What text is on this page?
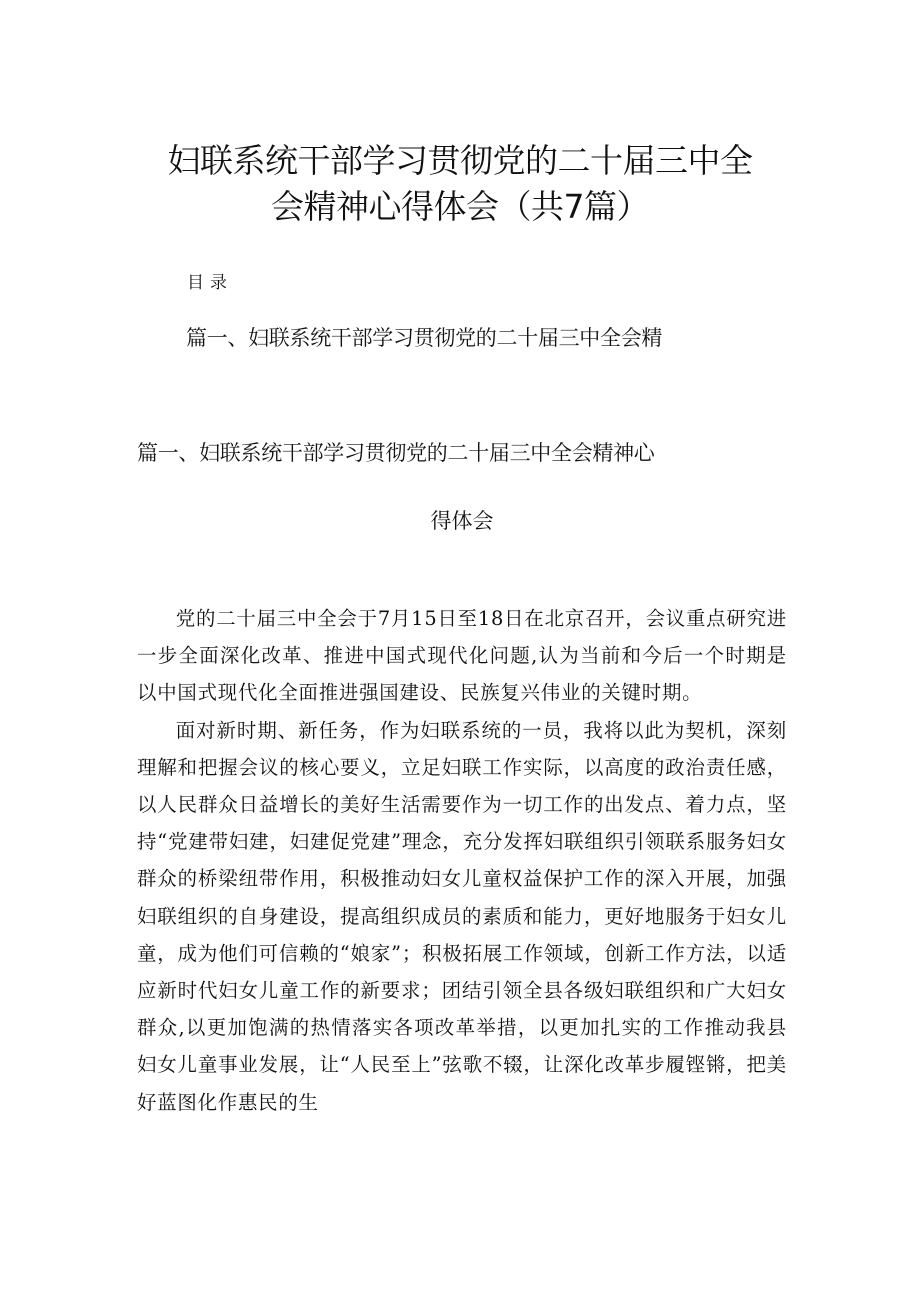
妇联系统干部学习贯彻党的二十届三中全
会精神心得体会（共7篇）
目录
篇一、妇联系统干部学习贯彻党的二十届三中全会精
篇一、妇联系统干部学习贯彻党的二十届三中全会精神心
得体会

党的二十届三中全会于7月15日至18日在北京召开，会议重点研究进一步全面深化改革、推进中国式现代化问题,认为当前和今后一个时期是以中国式现代化全面推进强国建设、民族复兴伟业的关键时期。

面对新时期、新任务，作为妇联系统的一员，我将以此为契机，深刻理解和把握会议的核心要义，立足妇联工作实际，以高度的政治责任感，以人民群众日益增长的美好生活需要作为一切工作的出发点、着力点，坚持“党建带妇建，妇建促党建”理念，充分发挥妇联组织引领联系服务妇女群众的桥梁纽带作用，积极推动妇女儿童权益保护工作的深入开展，加强妇联组织的自身建设，提高组织成员的素质和能力，更好地服务于妇女儿童，成为他们可信赖的“娘家”；积极拓展工作领域，创新工作方法，以适应新时代妇女儿童工作的新要求；团结引领全县各级妇联组织和广大妇女群众,以更加饱满的热情落实各项改革举措，以更加扎实的工作推动我县妇女儿童事业发展，让“人民至上”弦歌不辍，让深化改革步履铿锵，把美好蓝图化作惠民的生
